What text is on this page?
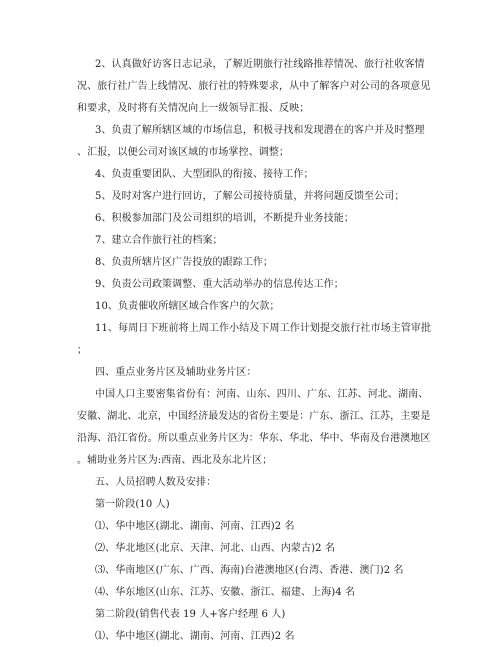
2、认真做好访客日志记录，了解近期旅行社线路推荐情况、旅行社收客情
况、旅行社广告上线情况、旅行社的特殊要求，从中了解客户对公司的各项意见
和要求，及时将有关情况向上一级领导汇报、反映；
3、负责了解所辖区域的市场信息，积极寻找和发现潜在的客户并及时整理
、汇报，以便公司对该区域的市场掌控、调整；
4、负责重要团队、大型团队的衔接、接待工作；
5、及时对客户进行回访，了解公司接待质量，并将问题反馈至公司；
6、积极参加部门及公司组织的培训，不断提升业务技能；
7、建立合作旅行社的档案；
8、负责所辖片区广告投放的跟踪工作；
9、负责公司政策调整、重大活动举办的信息传达工作；
10、负责催收所辖区域合作客户的欠款；
11、每周日下班前将上周工作小结及下周工作计划提交旅行社市场主管审批
；
四、重点业务片区及辅助业务片区：
中国人口主要密集省份有：河南、山东、四川、广东、江苏、河北、湖南、
安徽、湖北、北京，中国经济最发达的省份主要是：广东、浙江、江苏，主要是
沿海、沿江省份。所以重点业务片区为：华东、华北、华中、华南及台港澳地区
。辅助业务片区为:西南、西北及东北片区；
五、人员招聘人数及安排：
第一阶段(10 人)
⑴、华中地区(湖北、湖南、河南、江西)2 名
⑵、华北地区(北京、天津、河北、山西、内蒙古)2 名
⑶、华南地区(广东、广西、海南)台港澳地区(台湾、香港、澳门)2 名
⑷、华东地区(山东、江苏、安徽、浙江、福建、上海)4 名
第二阶段(销售代表 19 人+客户经理 6 人)
⑴、华中地区(湖北、湖南、河南、江西)2 名
